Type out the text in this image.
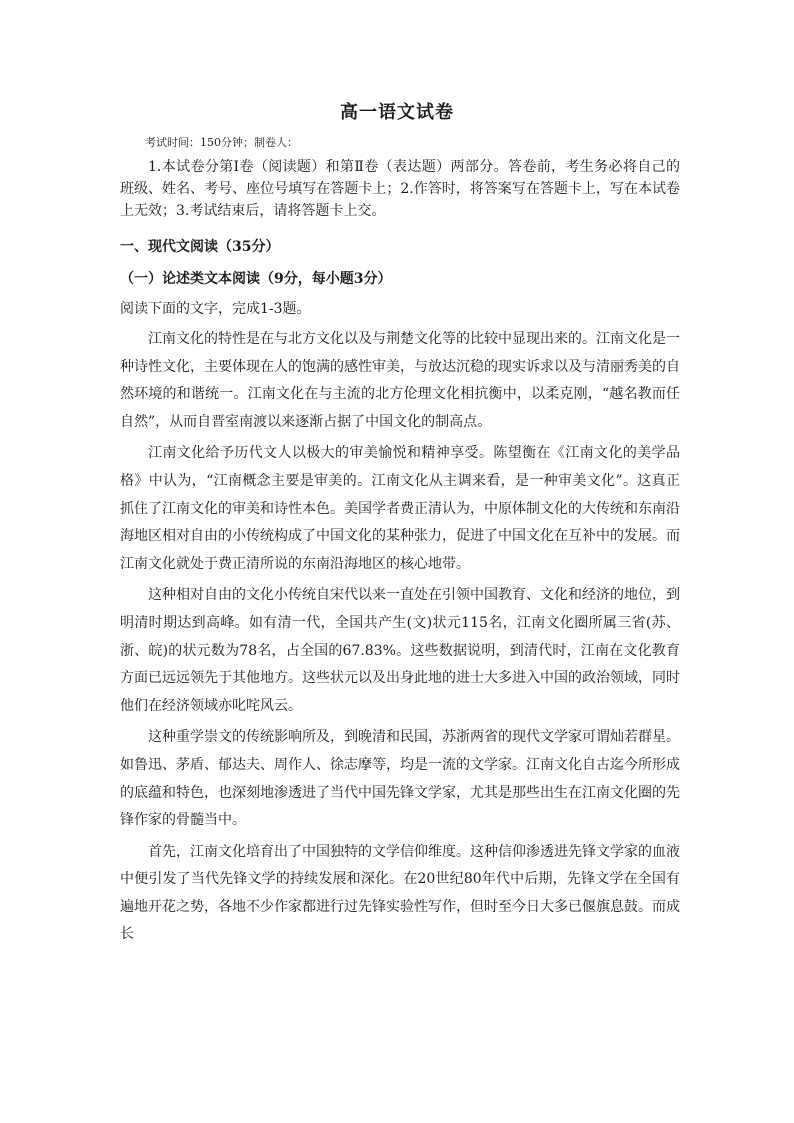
高一语文试卷
考试时间：150分钟；制卷人：
1.本试卷分第Ⅰ卷（阅读题）和第Ⅱ卷（表达题）两部分。答卷前，考生务必将自己的班级、姓名、考号、座位号填写在答题卡上；2.作答时，将答案写在答题卡上，写在本试卷上无效；3.考试结束后，请将答题卡上交。
一、现代文阅读（35分）
（一）论述类文本阅读（9分，每小题3分）
阅读下面的文字，完成1-3题。

江南文化的特性是在与北方文化以及与荆楚文化等的比较中显现出来的。江南文化是一种诗性文化，主要体现在人的饱满的感性审美，与放达沉稳的现实诉求以及与清丽秀美的自然环境的和谐统一。江南文化在与主流的北方伦理文化相抗衡中，以柔克刚，“越名教而任自然”，从而自晋室南渡以来逐渐占据了中国文化的制高点。

江南文化给予历代文人以极大的审美愉悦和精神享受。陈望衡在《江南文化的美学品格》中认为，“江南概念主要是审美的。江南文化从主调来看，是一种审美文化”。这真正抓住了江南文化的审美和诗性本色。美国学者费正清认为，中原体制文化的大传统和东南沿海地区相对自由的小传统构成了中国文化的某种张力，促进了中国文化在互补中的发展。而江南文化就处于费正清所说的东南沿海地区的核心地带。

这种相对自由的文化小传统自宋代以来一直处在引领中国教育、文化和经济的地位，到明清时期达到高峰。如有清一代，全国共产生(文)状元115名，江南文化圈所属三省(苏、浙、皖)的状元数为78名，占全国的67.83%。这些数据说明，到清代时，江南在文化教育方面已远远领先于其他地方。这些状元以及出身此地的进士大多进入中国的政治领域，同时他们在经济领域亦叱咤风云。

这种重学崇文的传统影响所及，到晚清和民国，苏浙两省的现代文学家可谓灿若群星。如鲁迅、茅盾、郁达夫、周作人、徐志摩等，均是一流的文学家。江南文化自古迄今所形成的底蕴和特色，也深刻地渗透进了当代中国先锋文学家，尤其是那些出生在江南文化圈的先锋作家的骨髓当中。

首先，江南文化培育出了中国独特的文学信仰维度。这种信仰渗透进先锋文学家的血液中便引发了当代先锋文学的持续发展和深化。在20世纪80年代中后期，先锋文学在全国有遍地开花之势，各地不少作家都进行过先锋实验性写作，但时至今日大多已偃旗息鼓。而成长
